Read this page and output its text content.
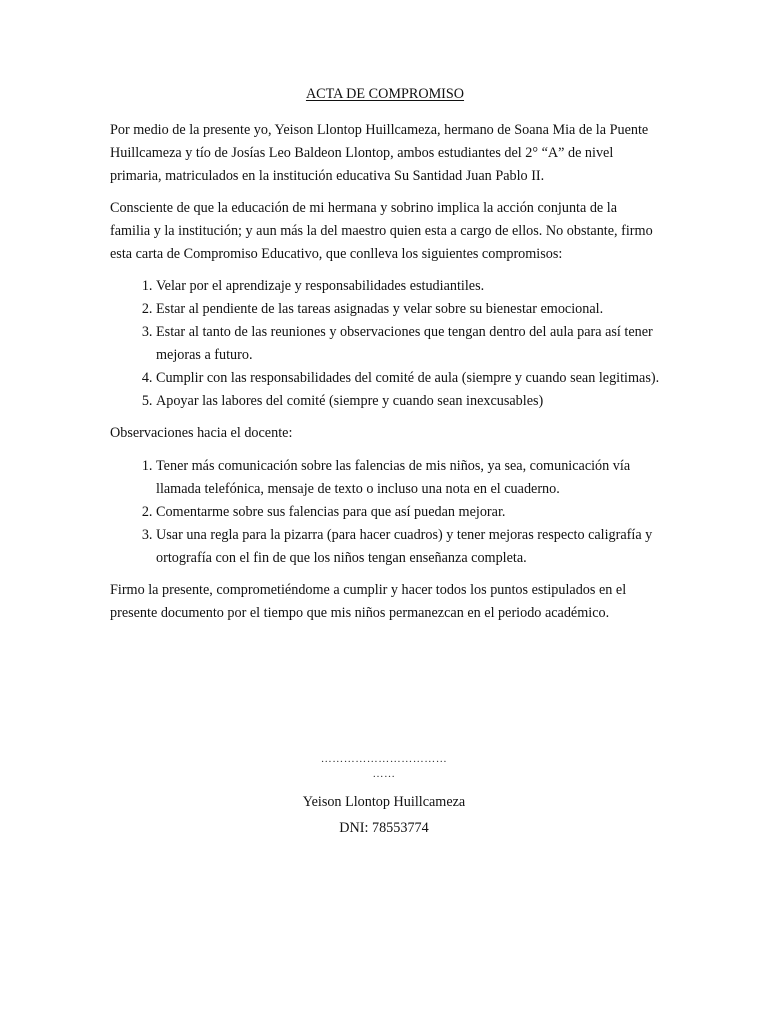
ACTA DE COMPROMISO

Por medio de la presente yo, Yeison Llontop Huillcameza, hermano de Soana Mia de la Puente Huillcameza y tío de Josías Leo Baldeon Llontop, ambos estudiantes del 2° “A” de nivel primaria, matriculados en la institución educativa Su Santidad Juan Pablo II.

Consciente de que la educación de mi hermana y sobrino implica la acción conjunta de la familia y la institución; y aun más la del maestro quien esta a cargo de ellos. No obstante, firmo esta carta de Compromiso Educativo, que conlleva los siguientes compromisos:

1. Velar por el aprendizaje y responsabilidades estudiantiles.
2. Estar al pendiente de las tareas asignadas y velar sobre su bienestar emocional.
3. Estar al tanto de las reuniones y observaciones que tengan dentro del aula para así tener mejoras a futuro.
4. Cumplir con las responsabilidades del comité de aula (siempre y cuando sean legitimas).
5. Apoyar las labores del comité (siempre y cuando sean inexcusables)

Observaciones hacia el docente:

1. Tener más comunicación sobre las falencias de mis niños, ya sea, comunicación vía llamada telefónica, mensaje de texto o incluso una nota en el cuaderno.
2. Comentarme sobre sus falencias para que así puedan mejorar.
3. Usar una regla para la pizarra (para hacer cuadros) y tener mejoras respecto caligrafía y ortografía con el fin de que los niños tengan enseñanza completa.

Firmo la presente, comprometiéndome a cumplir y hacer todos los puntos estipulados en el presente documento por el tiempo que mis niños permanezcan en el periodo académico.

……………………………
……
Yeison Llontop Huillcameza
DNI: 78553774
